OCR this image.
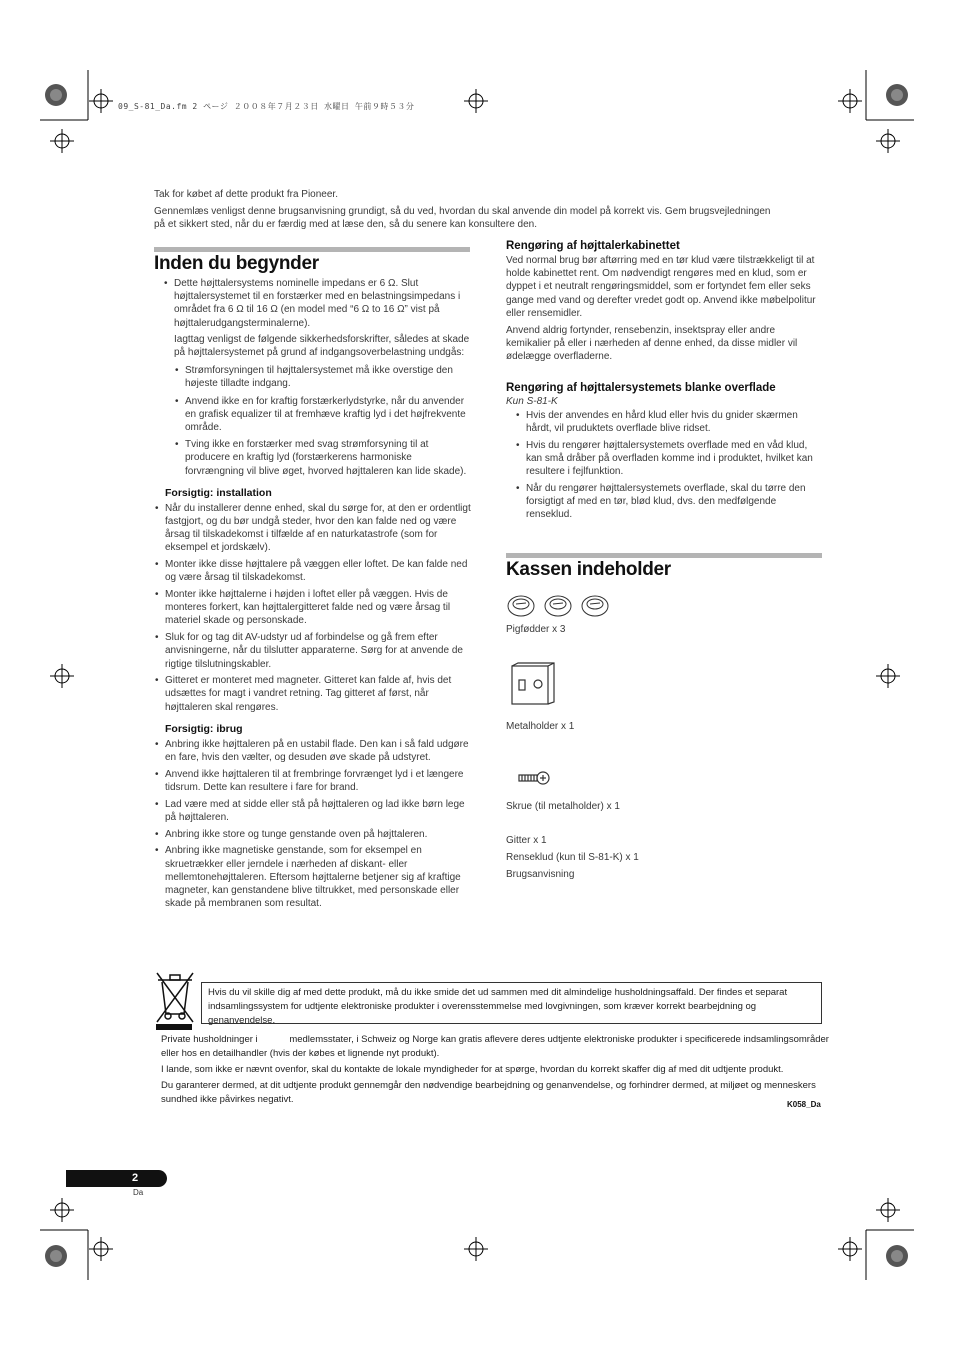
09_S-81_Da.fm 2 ページ ２００８年７月２３日 水曜日 午前９時５３分
Tak for købet af dette produkt fra Pioneer.
Gennemlæs venligst denne brugsanvisning grundigt, så du ved, hvordan du skal anvende din model på korrekt vis. Gem brugsvejledningen
på et sikkert sted, når du er færdig med at læse den, så du senere kan konsultere den.
Inden du begynder
• Dette højttalersystems nominelle impedans er 6 Ω. Slut højttalersystemet til en forstærker med en belastningsimpedans i området fra 6 Ω til 16 Ω (en model med “6 Ω to 16 Ω” vist på højttalerudgangsterminalerne).
Iagttag venligst de følgende sikkerhedsforskrifter, således at skade på højttalersystemet på grund af indgangsoverbelastning undgås:
• Strømforsyningen til højttalersystemet må ikke overstige den højeste tilladte indgang.
• Anvend ikke en for kraftig forstærkerlydstyrke, når du anvender en grafisk equalizer til at fremhæve kraftig lyd i det højfrekvente område.
• Tving ikke en forstærker med svag strømforsyning til at producere en kraftig lyd (forstærkerens harmoniske forvrængning vil blive øget, hvorved højttaleren kan lide skade).
Forsigtig: installation
• Når du installerer denne enhed, skal du sørge for, at den er ordentligt fastgjort, og du bør undgå steder, hvor den kan falde ned og være årsag til tilskadekomst i tilfælde af en naturkatastrofe (som for eksempel et jordskælv).
• Monter ikke disse højttalere på væggen eller loftet. De kan falde ned og være årsag til tilskadekomst.
• Monter ikke højttalerne i højden i loftet eller på væggen. Hvis de monteres forkert, kan højttalergitteret falde ned og være årsag til materiel skade og personskade.
• Sluk for og tag dit AV-udstyr ud af forbindelse og gå frem efter anvisningerne, når du tilslutter apparaterne. Sørg for at anvende de rigtige tilslutningskabler.
• Gitteret er monteret med magneter. Gitteret kan falde af, hvis det udsættes for magt i vandret retning. Tag gitteret af først, når højttaleren skal rengøres.
Forsigtig: ibrug
• Anbring ikke højttaleren på en ustabil flade. Den kan i så fald udgøre en fare, hvis den vælter, og desuden øve skade på udstyret.
• Anvend ikke højttaleren til at frembringe forvrænget lyd i et længere tidsrum. Dette kan resultere i fare for brand.
• Lad være med at sidde eller stå på højttaleren og lad ikke børn lege på højttaleren.
• Anbring ikke store og tunge genstande oven på højttaleren.
• Anbring ikke magnetiske genstande, som for eksempel en skruetrækker eller jerndele i nærheden af diskant- eller mellemtonehøjttaleren. Eftersom højttalerne betjener sig af kraftige magneter, kan genstandene blive tiltrukket, med personskade eller skade på membranen som resultat.
Rengøring af højttalerkabinettet
Ved normal brug bør aftørring med en tør klud være tilstrækkeligt til at holde kabinettet rent. Om nødvendigt rengøres med en klud, som er dyppet i et neutralt rengøringsmiddel, som er fortyndet fem eller seks gange med vand og derefter vredet godt op. Anvend ikke møbelpolitur eller rensemidler.
Anvend aldrig fortynder, rensebenzin, insektspray eller andre kemikalier på eller i nærheden af denne enhed, da disse midler vil ødelægge overfladerne.
Rengøring af højttalersystemets blanke overflade
Kun S-81-K
• Hvis der anvendes en hård klud eller hvis du gnider skærmen hårdt, vil pruduktets overflade blive ridset.
• Hvis du rengører højttalersystemets overflade med en våd klud, kan små dråber på overfladen komme ind i produktet, hvilket kan resultere i fejlfunktion.
• Når du rengører højttalersystemets overflade, skal du tørre den forsigtigt af med en tør, blød klud, dvs. den medfølgende renseklud.
Kassen indeholder
Pigfødder x 3
Metalholder x 1
Skrue (til metalholder) x 1
Gitter x 1
Renseklud (kun til S-81-K) x 1
Brugsanvisning
Hvis du vil skille dig af med dette produkt, må du ikke smide det ud sammen med dit almindelige husholdningsaffald. Der findes et separat indsamlingssystem for udtjente elektroniske produkter i overensstemmelse med lovgivningen, som kræver korrekt bearbejdning og genanvendelse.
Private husholdninger i            medlemsstater, i Schweiz og Norge kan gratis aflevere deres udtjente elektroniske produkter i specificerede indsamlingsområder eller hos en detailhandler (hvis der købes et lignende nyt produkt).
I lande, som ikke er nævnt ovenfor, skal du kontakte de lokale myndigheder for at spørge, hvordan du korrekt skaffer dig af med dit udtjente produkt.
Du garanterer dermed, at dit udtjente produkt gennemgår den nødvendige bearbejdning og genanvendelse, og forhindrer dermed, at miljøet og menneskers sundhed ikke påvirkes negativt.	K058_Da
2
Da
